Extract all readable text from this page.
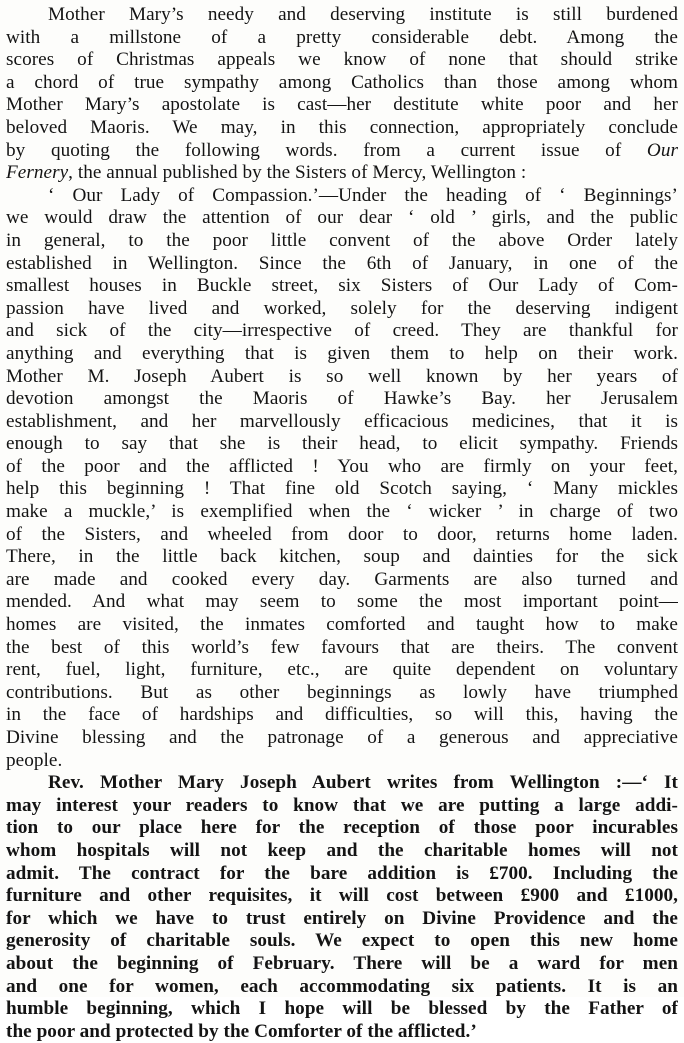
Mother Mary’s needy and deserving institute is still burdened
with a millstone of a pretty considerable debt. Among the
scores of Christmas appeals we know of none that should strike
a chord of true sympathy among Catholics than those among whom
Mother Mary’s apostolate is cast—her destitute white poor and her
beloved Maoris. We may, in this connection, appropriately conclude
by quoting the following words. from a current issue of Our
Fernery, the annual published by the Sisters of Mercy, Wellington :
‘ Our Lady of Compassion.’—Under the heading of ‘ Beginnings’
we would draw the attention of our dear ‘ old ’ girls, and the public
in general, to the poor little convent of the above Order lately
established in Wellington. Since the 6th of January, in one of the
smallest houses in Buckle street, six Sisters of Our Lady of Com-
passion have lived and worked, solely for the deserving indigent
and sick of the city—irrespective of creed. They are thankful for
anything and everything that is given them to help on their work.
Mother M. Joseph Aubert is so well known by her years of
devotion amongst the Maoris of Hawke’s Bay. her Jerusalem
establishment, and her marvellously efficacious medicines, that it is
enough to say that she is their head, to elicit sympathy. Friends
of the poor and the afflicted ! You who are firmly on your feet,
help this beginning ! That fine old Scotch saying, ‘ Many mickles
make a muckle,’ is exemplified when the ‘ wicker ’ in charge of two
of the Sisters, and wheeled from door to door, returns home laden.
There, in the little back kitchen, soup and dainties for the sick
are made and cooked every day. Garments are also turned and
mended. And what may seem to some the most important point—
homes are visited, the inmates comforted and taught how to make
the best of this world’s few favours that are theirs. The convent
rent, fuel, light, furniture, etc., are quite dependent on voluntary
contributions. But as other beginnings as lowly have triumphed
in the face of hardships and difficulties, so will this, having the
Divine blessing and the patronage of a generous and appreciative
people.
Rev. Mother Mary Joseph Aubert writes from Wellington :—‘ It
may interest your readers to know that we are putting a large addi-
tion to our place here for the reception of those poor incurables
whom hospitals will not keep and the charitable homes will not
admit. The contract for the bare addition is £700. Including the
furniture and other requisites, it will cost between £900 and £1000,
for which we have to trust entirely on Divine Providence and the
generosity of charitable souls. We expect to open this new home
about the beginning of February. There will be a ward for men
and one for women, each accommodating six patients. It is an
humble beginning, which I hope will be blessed by the Father of
the poor and protected by the Comforter of the afflicted.’
